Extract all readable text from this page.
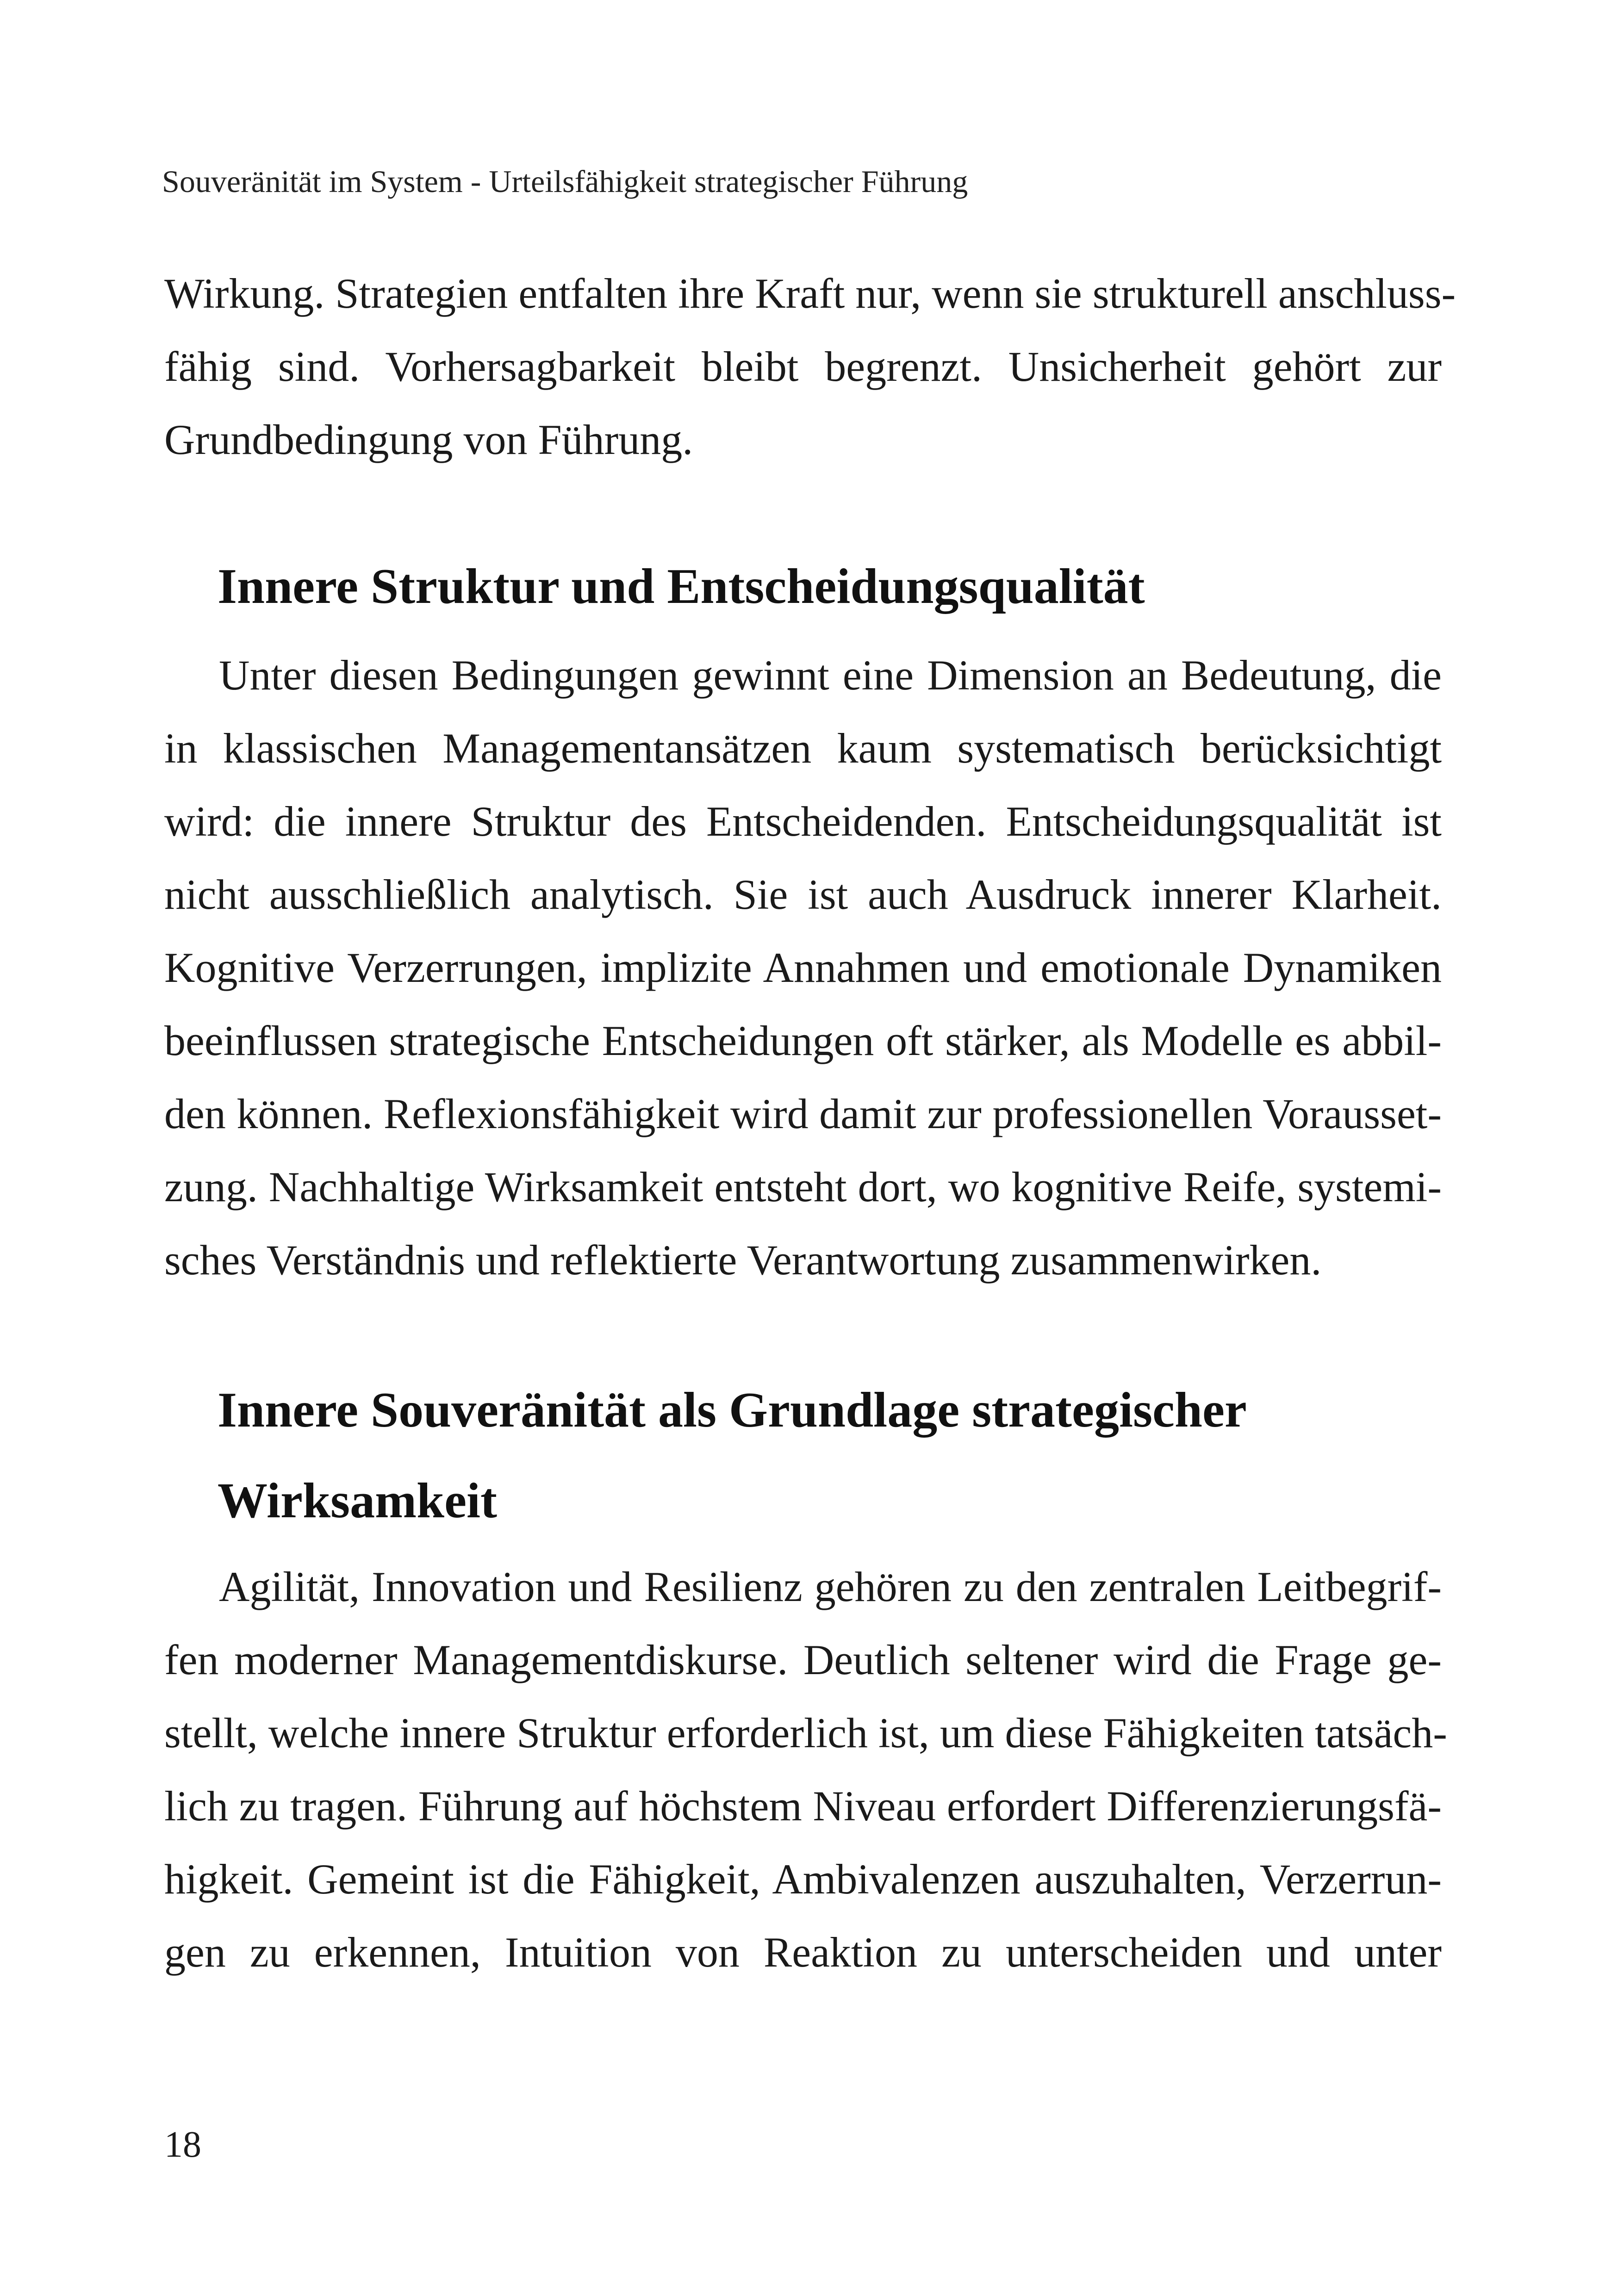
Souveränität im System - Urteilsfähigkeit strategischer Führung
Wirkung. Strategien entfalten ihre Kraft nur, wenn sie strukturell anschluss-
fähig sind. Vorhersagbarkeit bleibt begrenzt. Unsicherheit gehört zur
Grundbedingung von Führung.
Innere Struktur und Entscheidungsqualität
Unter diesen Bedingungen gewinnt eine Dimension an Bedeutung, die
in klassischen Managementansätzen kaum systematisch berücksichtigt
wird: die innere Struktur des Entscheidenden. Entscheidungsqualität ist
nicht ausschließlich analytisch. Sie ist auch Ausdruck innerer Klarheit.
Kognitive Verzerrungen, implizite Annahmen und emotionale Dynamiken
beeinflussen strategische Entscheidungen oft stärker, als Modelle es abbil-
den können. Reflexionsfähigkeit wird damit zur professionellen Vorausset-
zung. Nachhaltige Wirksamkeit entsteht dort, wo kognitive Reife, systemi-
sches Verständnis und reflektierte Verantwortung zusammenwirken.
Innere Souveränität als Grundlage strategischer
Wirksamkeit
Agilität, Innovation und Resilienz gehören zu den zentralen Leitbegrif-
fen moderner Managementdiskurse. Deutlich seltener wird die Frage ge-
stellt, welche innere Struktur erforderlich ist, um diese Fähigkeiten tatsäch-
lich zu tragen. Führung auf höchstem Niveau erfordert Differenzierungsfä-
higkeit. Gemeint ist die Fähigkeit, Ambivalenzen auszuhalten, Verzerrun-
gen zu erkennen, Intuition von Reaktion zu unterscheiden und unter
18
